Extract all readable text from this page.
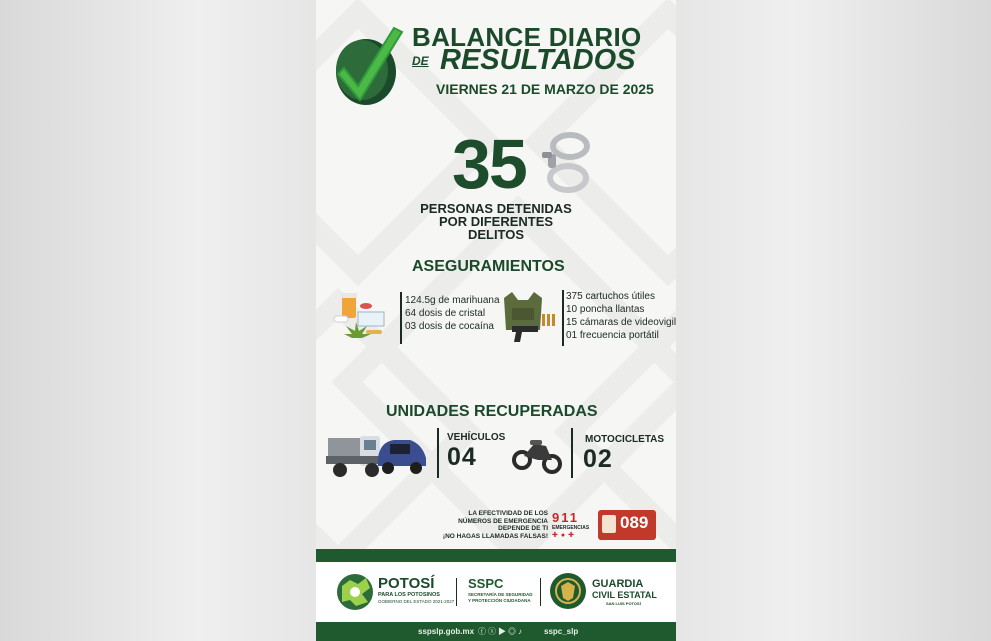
BALANCE DIARIO
DE RESULTADOS
VIERNES 21 DE MARZO DE 2025
35
PERSONAS DETENIDAS
POR DIFERENTES
DELITOS
ASEGURAMIENTOS
124.5g de marihuana
64 dosis de cristal
03 dosis de cocaína
375 cartuchos útiles
10 poncha llantas
15 cámaras de videovigil
01 frecuencia portátil
UNIDADES RECUPERADAS
VEHÍCULOS
04
MOTOCICLETAS
02
LA EFECTIVIDAD DE LOS
NÚMEROS DE EMERGENCIA
DEPENDE DE TI
¡NO HAGAS LLAMADAS FALSAS!
911
EMERGENCIAS
✚●✚
089
POTOSÍ
PARA LOS POTOSINOS
GOBIERNO DEL ESTADO 2021-2027
SSPC
SECRETARÍA DE SEGURIDAD
Y PROTECCIÓN CIUDADANA
GUARDIA
CIVIL ESTATAL
SAN LUIS POTOSÍ
sspslp.gob.mx ⓕⓧ▶◎♪	sspc_slp
